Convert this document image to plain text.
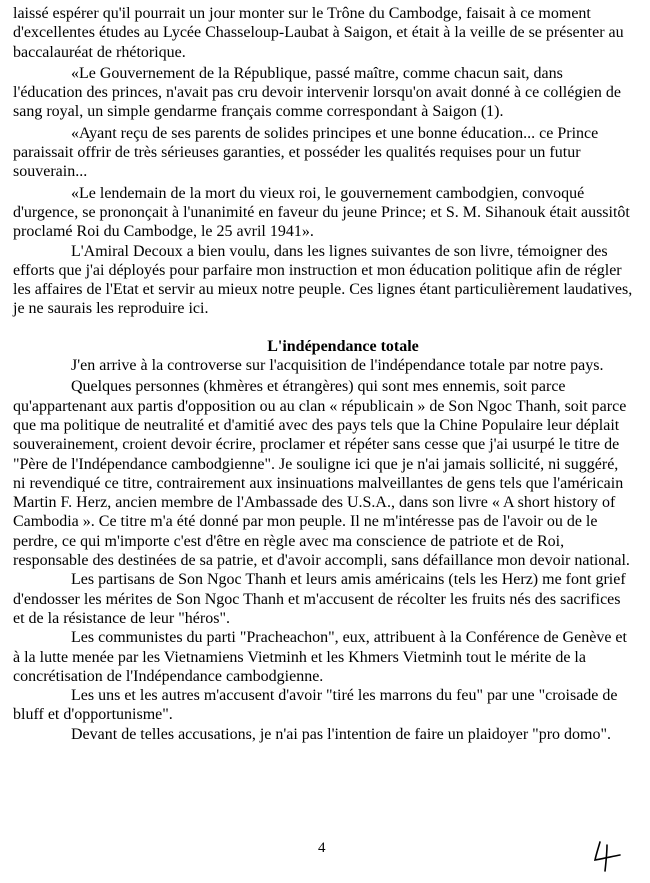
laissé espérer qu'il pourrait un jour monter sur le Trône du Cambodge, faisait à ce moment d'excellentes études au Lycée Chasseloup-Laubat à Saigon, et était à la veille de se présenter au baccalauréat de rhétorique.

«Le Gouvernement de la République, passé maître, comme chacun sait, dans l'éducation des princes, n'avait pas cru devoir intervenir lorsqu'on avait donné à ce collégien de sang royal, un simple gendarme français comme correspondant à Saigon (1).

«Ayant reçu de ses parents de solides principes et une bonne éducation... ce Prince paraissait offrir de très sérieuses garanties, et posséder les qualités requises pour un futur souverain...

«Le lendemain de la mort du vieux roi, le gouvernement cambodgien, convoqué d'urgence, se prononçait à l'unanimité en faveur du jeune Prince; et S. M. Sihanouk était aussitôt proclamé Roi du Cambodge, le 25 avril 1941».

L'Amiral Decoux a bien voulu, dans les lignes suivantes de son livre, témoigner des efforts que j'ai déployés pour parfaire mon instruction et mon éducation politique afin de régler les affaires de l'Etat et servir au mieux notre peuple. Ces lignes étant particulièrement laudatives, je ne saurais les reproduire ici.

L'indépendance totale

J'en arrive à la controverse sur l'acquisition de l'indépendance totale par notre pays.

Quelques personnes (khmères et étrangères) qui sont mes ennemis, soit parce qu'appartenant aux partis d'opposition ou au clan « républicain » de Son Ngoc Thanh, soit parce que ma politique de neutralité et d'amitié avec des pays tels que la Chine Populaire leur déplait souverainement, croient devoir écrire, proclamer et répéter sans cesse que j'ai usurpé le titre de "Père de l'Indépendance cambodgienne". Je souligne ici que je n'ai jamais sollicité, ni suggéré, ni revendiqué ce titre, contrairement aux insinuations malveillantes de gens tels que l'américain Martin F. Herz, ancien membre de l'Ambassade des U.S.A., dans son livre « A short history of Cambodia ». Ce titre m'a été donné par mon peuple. Il ne m'intéresse pas de l'avoir ou de le perdre, ce qui m'importe c'est d'être en règle avec ma conscience de patriote et de Roi, responsable des destinées de sa patrie, et d'avoir accompli, sans défaillance mon devoir national.

Les partisans de Son Ngoc Thanh et leurs amis américains (tels les Herz) me font grief d'endosser les mérites de Son Ngoc Thanh et m'accusent de récolter les fruits nés des sacrifices et de la résistance de leur "héros".

Les communistes du parti "Pracheachon", eux, attribuent à la Conférence de Genève et à la lutte menée par les Vietnamiens Vietminh et les Khmers Vietminh tout le mérite de la concrétisation de l'Indépendance cambodgienne.

Les uns et les autres m'accusent d'avoir "tiré les marrons du feu" par une "croisade de bluff et d'opportunisme".

Devant de telles accusations, je n'ai pas l'intention de faire un plaidoyer "pro domo".

4
